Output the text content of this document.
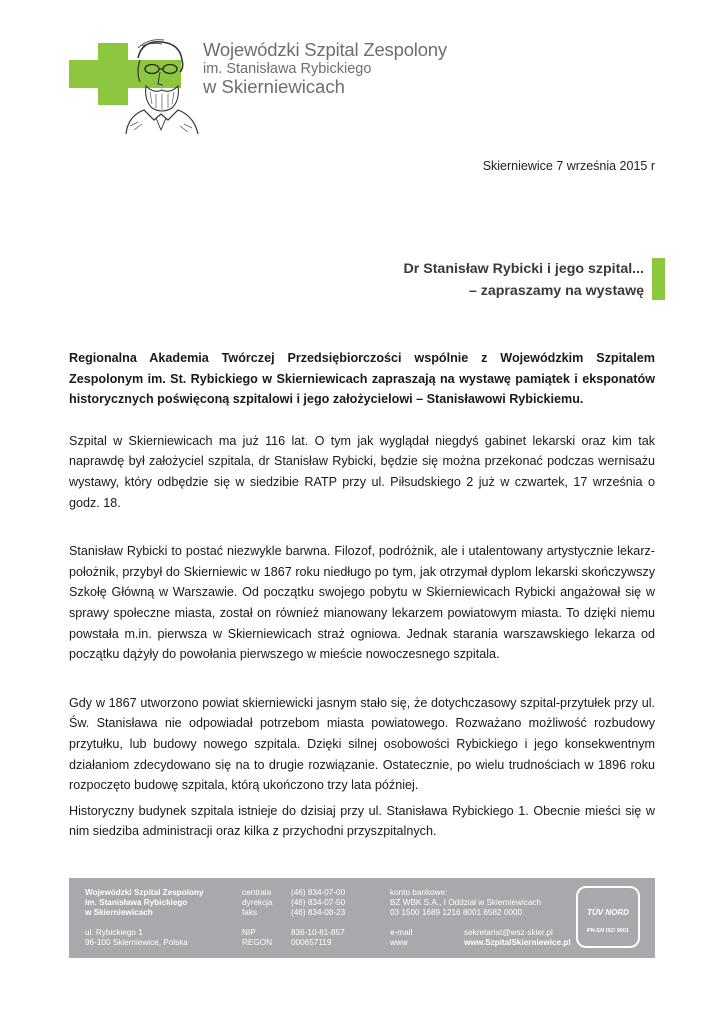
Wojewódzki Szpital Zespolony
im. Stanisława Rybickiego
w Skierniewicach
Skierniewice 7 września 2015 r
Dr Stanisław Rybicki i jego szpital...
– zapraszamy na wystawę

Regionalna Akademia Twórczej Przedsiębiorczości wspólnie z Wojewódzkim Szpitalem Zespolonym im. St. Rybickiego w Skierniewicach zapraszają na wystawę pamiątek i eksponatów historycznych poświęconą szpitalowi i jego założycielowi – Stanisławowi Rybickiemu.

Szpital w Skierniewicach ma już 116 lat. O tym jak wyglądał niegdyś gabinet lekarski oraz kim tak naprawdę był założyciel szpitala, dr Stanisław Rybicki, będzie się można przekonać podczas wernisażu wystawy, który odbędzie się w siedzibie RATP przy ul. Piłsudskiego 2 już w czwartek, 17 września o godz. 18.

Stanisław Rybicki to postać niezwykle barwna. Filozof, podróżnik, ale i utalentowany artystycznie lekarz-położnik, przybył do Skierniewic w 1867 roku niedługo po tym, jak otrzymał dyplom lekarski skończywszy Szkołę Główną w Warszawie. Od początku swojego pobytu w Skierniewicach Rybicki angażował się w sprawy społeczne miasta, został on również mianowany lekarzem powiatowym miasta. To dzięki niemu powstała m.in. pierwsza w Skierniewicach straż ogniowa. Jednak starania warszawskiego lekarza od początku dążyły do powołania pierwszego w mieście nowoczesnego szpitala.

Gdy w 1867 utworzono powiat skierniewicki jasnym stało się, że dotychczasowy szpital-przytułek przy ul. Św. Stanisława nie odpowiadał potrzebom miasta powiatowego. Rozważano możliwość rozbudowy przytułku, lub budowy nowego szpitala. Dzięki silnej osobowości Rybickiego i jego konsekwentnym działaniom zdecydowano się na to drugie rozwiązanie. Ostatecznie, po wielu trudnościach w 1896 roku rozpoczęto budowę szpitala, którą ukończono trzy lata później.

Historyczny budynek szpitala istnieje do dzisiaj przy ul. Stanisława Rybickiego 1. Obecnie mieści się w nim siedziba administracji oraz kilka z przychodni przyszpitalnych.

Wojewódzki Szpital Zespolony
im. Stanisława Rybickiego
w Skierniewicach
ul. Rybickiego 1
96-100 Skierniewice, Polska
centrala
dyrekcja
faks
(46) 834-07-00
(46) 834-07-50
(46) 834-08-23
NIP
REGON
836-10-81-857
000657119
konto bankowe:
BZ WBK S.A., I Oddział w Skierniewicach
03 1500 1689 1216 8001 6582 0000
e-mail
www
sekretariat@wsz-skier.pl
www.SzpitalSkierniewice.pl
TÜV NORD
PN-EN ISO 9001
